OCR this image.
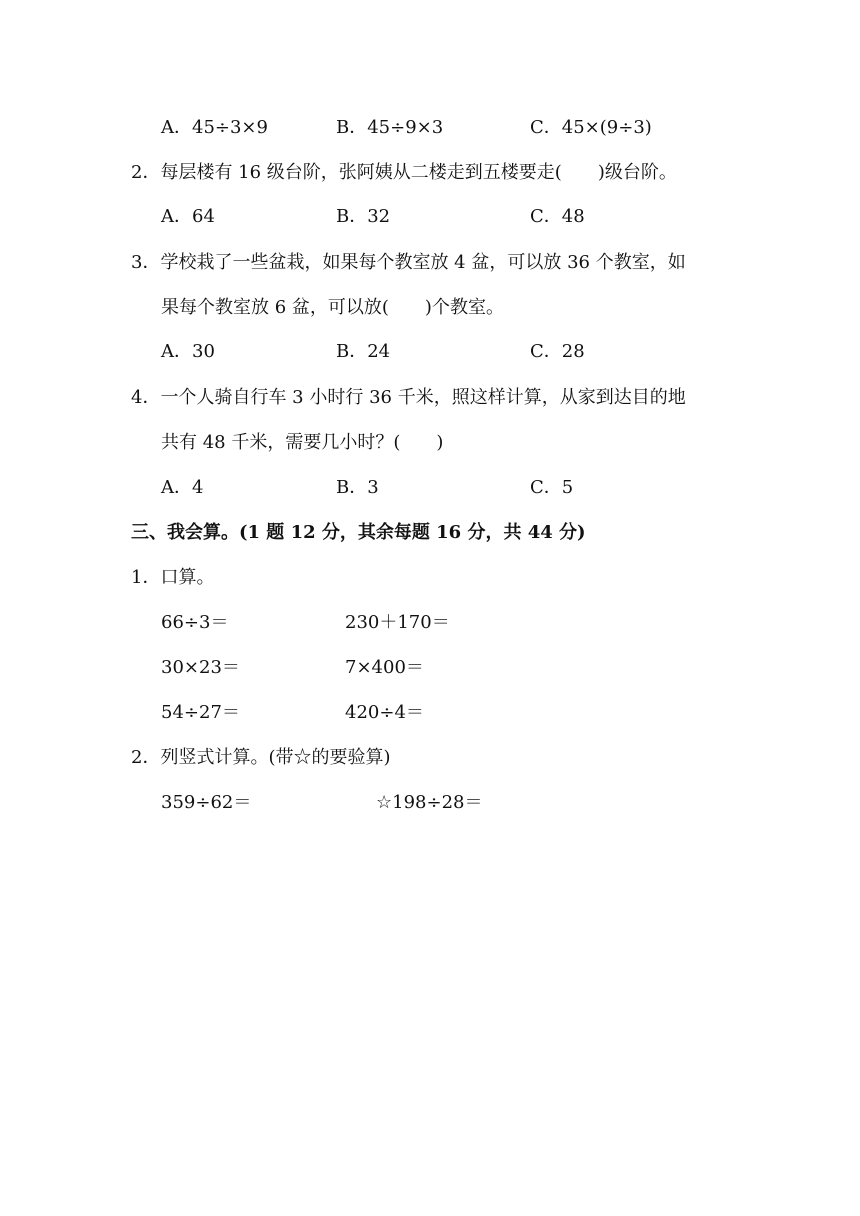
A．45÷3×9	B．45÷9×3	C．45×(9÷3)
2．每层楼有 16 级台阶，张阿姨从二楼走到五楼要走(　　)级台阶。
A．64	B．32	C．48
3．学校栽了一些盆栽，如果每个教室放 4 盆，可以放 36 个教室，如
果每个教室放 6 盆，可以放(　　)个教室。
A．30	B．24	C．28
4．一个人骑自行车 3 小时行 36 千米，照这样计算，从家到达目的地
共有 48 千米，需要几小时？(　　)
A．4	B．3	C．5
三、我会算。(1 题 12 分，其余每题 16 分，共 44 分)
1．口算。
66÷3＝	230＋170＝
30×23＝	7×400＝
54÷27＝	420÷4＝
2．列竖式计算。(带☆的要验算)
359÷62＝	☆198÷28＝
